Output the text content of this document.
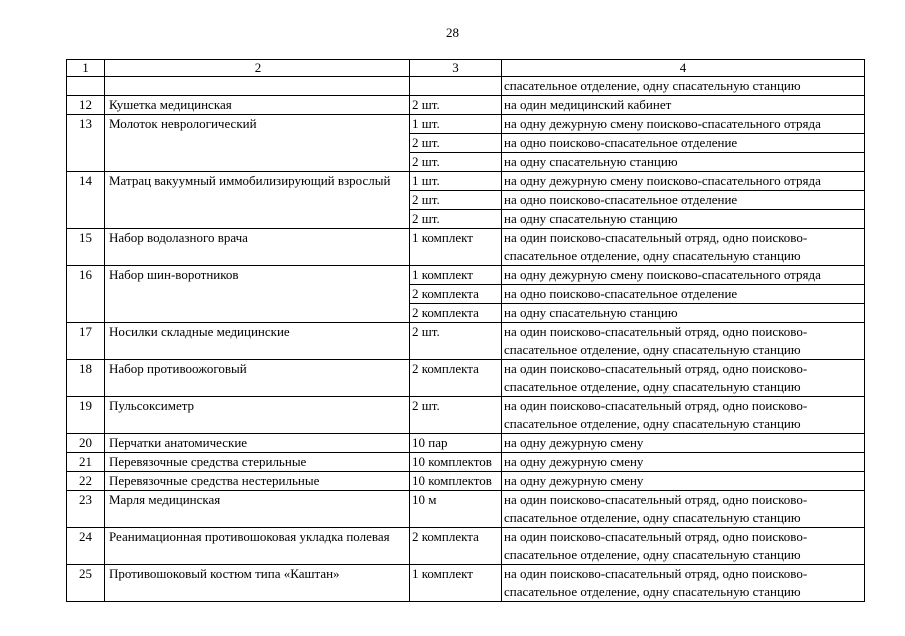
28
1	2	3	4
			спасательное отделение, одну спасательную станцию
12	Кушетка медицинская	2 шт.	на один медицинский кабинет
13	Молоток неврологический	1 шт.	на одну дежурную смену поисково-спасательного отряда
		2 шт.	на одно поисково-спасательное отделение
		2 шт.	на одну спасательную станцию
14	Матрац вакуумный иммобилизирующий взрослый	1 шт.	на одну дежурную смену поисково-спасательного отряда
		2 шт.	на одно поисково-спасательное отделение
		2 шт.	на одну спасательную станцию
15	Набор водолазного врача	1 комплект	на один поисково-спасательный отряд, одно поисково-спасательное отделение, одну спасательную станцию
16	Набор шин-воротников	1 комплект	на одну дежурную смену поисково-спасательного отряда
		2 комплекта	на одно поисково-спасательное отделение
		2 комплекта	на одну спасательную станцию
17	Носилки складные медицинские	2 шт.	на один поисково-спасательный отряд, одно поисково-спасательное отделение, одну спасательную станцию
18	Набор противоожоговый	2 комплекта	на один поисково-спасательный отряд, одно поисково-спасательное отделение, одну спасательную станцию
19	Пульсоксиметр	2 шт.	на один поисково-спасательный отряд, одно поисково-спасательное отделение, одну спасательную станцию
20	Перчатки анатомические	10 пар	на одну дежурную смену
21	Перевязочные средства стерильные	10 комплектов	на одну дежурную смену
22	Перевязочные средства нестерильные	10 комплектов	на одну дежурную смену
23	Марля медицинская	10 м	на один поисково-спасательный отряд, одно поисково-спасательное отделение, одну спасательную станцию
24	Реанимационная противошоковая укладка полевая	2 комплекта	на один поисково-спасательный отряд, одно поисково-спасательное отделение, одну спасательную станцию
25	Противошоковый костюм типа «Каштан»	1 комплект	на один поисково-спасательный отряд, одно поисково-спасательное отделение, одну спасательную станцию
